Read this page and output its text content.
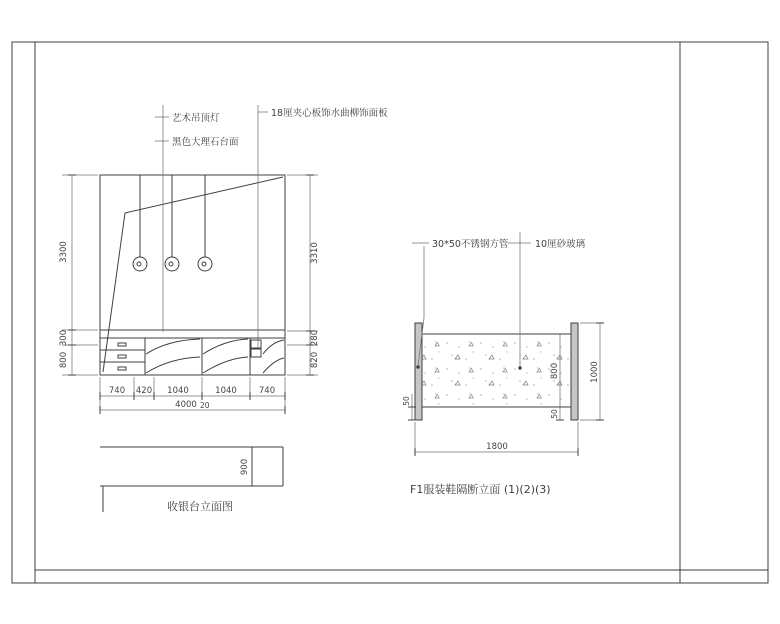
艺术吊顶灯
黑色大理石台面
18厘夹心板饰水曲柳饰面板
3300
300
800
3310
280
820
740 420 1040	1040	740
4000 20
900
收银台立面图
30*50不锈钢方管	10厘砂玻璃
1800
1000
800
50
50
F1服装鞋隔断立面 (1)(2)(3)
